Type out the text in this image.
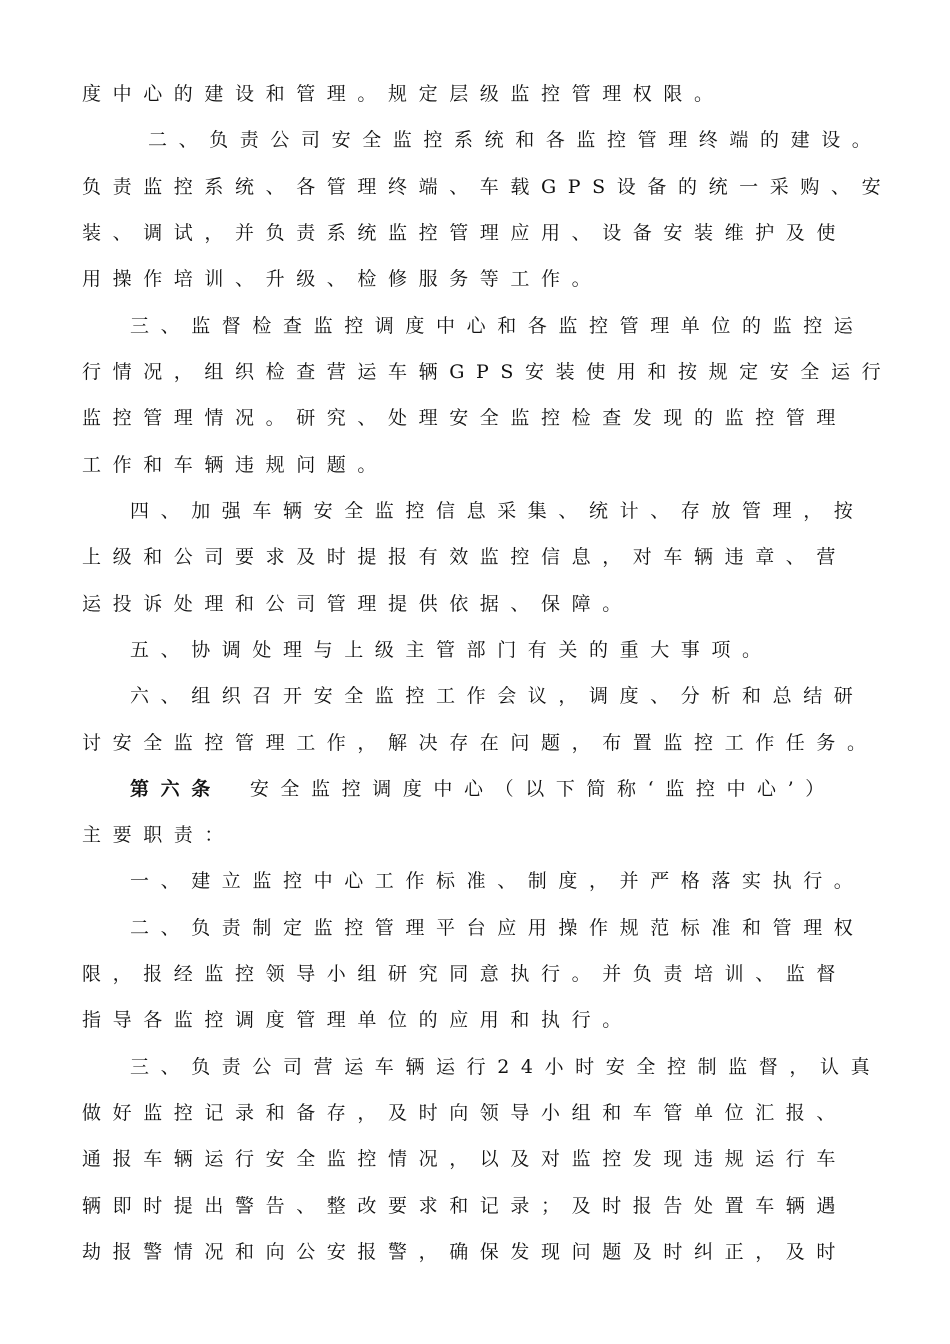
度中心的建设和管理。规定层级监控管理权限。

二、负责公司安全监控系统和各监控管理终端的建设。

负责监控系统、各管理终端、车载GPS设备的统一采购、安

装、调试，并负责系统监控管理应用、设备安装维护及使

用操作培训、升级、检修服务等工作。

三、监督检查监控调度中心和各监控管理单位的监控运

行情况，组织检查营运车辆GPS安装使用和按规定安全运行

监控管理情况。研究、处理安全监控检查发现的监控管理

工作和车辆违规问题。

四、加强车辆安全监控信息采集、统计、存放管理，按

上级和公司要求及时提报有效监控信息，对车辆违章、营

运投诉处理和公司管理提供依据、保障。

五、协调处理与上级主管部门有关的重大事项。

六、组织召开安全监控工作会议，调度、分析和总结研

讨安全监控管理工作，解决存在问题，布置监控工作任务。

第六条 安全监控调度中心（以下简称‘监控中心’）

主要职责：

一、建立监控中心工作标准、制度，并严格落实执行。

二、负责制定监控管理平台应用操作规范标准和管理权

限，报经监控领导小组研究同意执行。并负责培训、监督

指导各监控调度管理单位的应用和执行。

三、负责公司营运车辆运行24小时安全控制监督，认真

做好监控记录和备存，及时向领导小组和车管单位汇报、

通报车辆运行安全监控情况，以及对监控发现违规运行车

辆即时提出警告、整改要求和记录；及时报告处置车辆遇

劫报警情况和向公安报警，确保发现问题及时纠正，及时
